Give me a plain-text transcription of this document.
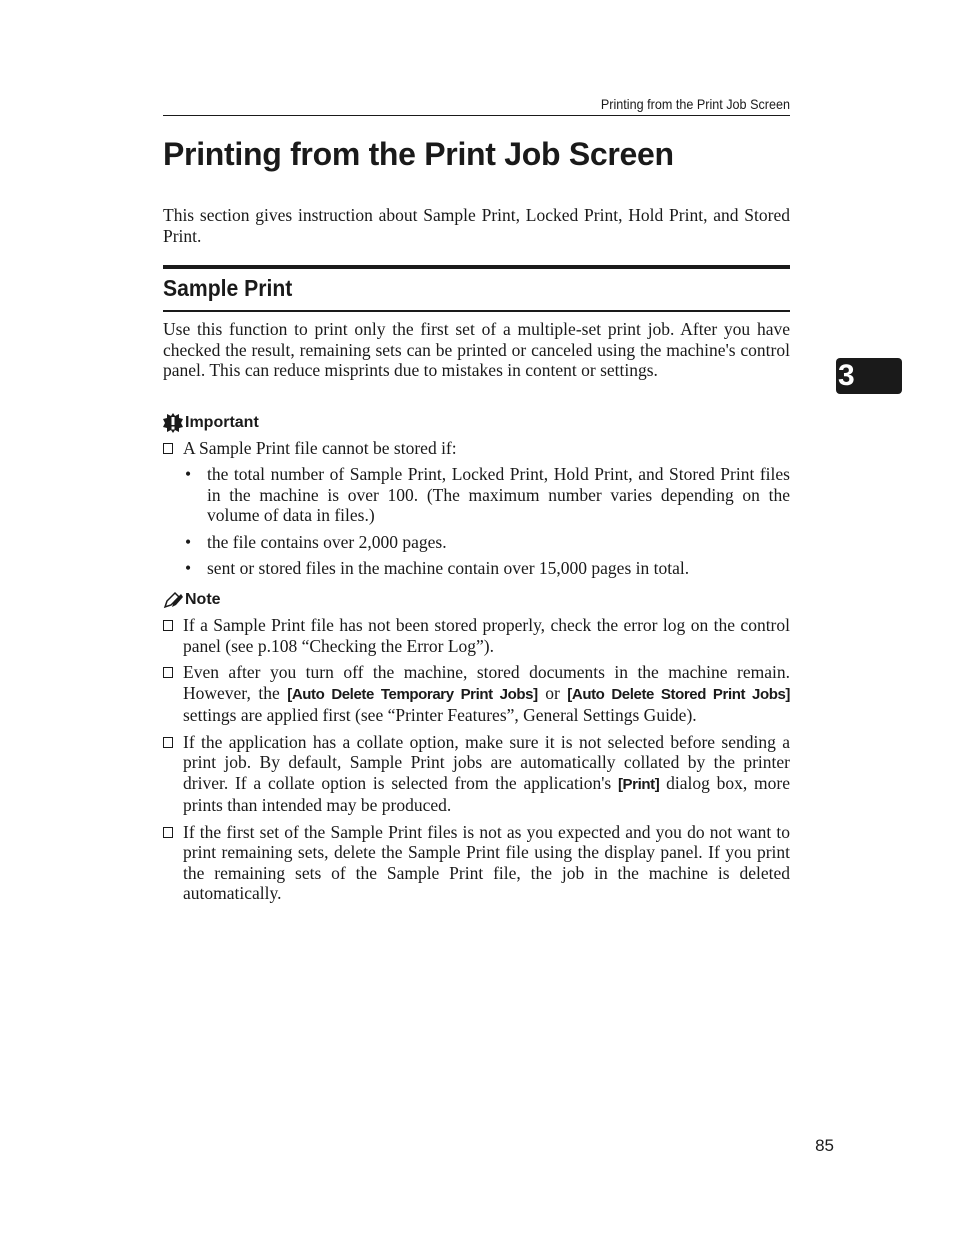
Printing from the Print Job Screen
Printing from the Print Job Screen

This section gives instruction about Sample Print, Locked Print, Hold Print, and Stored Print.

Sample Print

Use this function to print only the first set of a multiple-set print job. After you have checked the result, remaining sets can be printed or canceled using the machine's control panel. This can reduce misprints due to mistakes in content or settings.

Important
A Sample Print file cannot be stored if:
• the total number of Sample Print, Locked Print, Hold Print, and Stored Print files in the machine is over 100. (The maximum number varies depending on the volume of data in files.)
• the file contains over 2,000 pages.
• sent or stored files in the machine contain over 15,000 pages in total.
Note
If a Sample Print file has not been stored properly, check the error log on the control panel (see p.108 “Checking the Error Log”).
Even after you turn off the machine, stored documents in the machine remain. However, the [Auto Delete Temporary Print Jobs] or [Auto Delete Stored Print Jobs] settings are applied first (see “Printer Features”, General Settings Guide).
If the application has a collate option, make sure it is not selected before sending a print job. By default, Sample Print jobs are automatically collated by the printer driver. If a collate option is selected from the application's [Print] dialog box, more prints than intended may be produced.
If the first set of the Sample Print files is not as you expected and you do not want to print remaining sets, delete the Sample Print file using the display panel. If you print the remaining sets of the Sample Print file, the job in the machine is deleted automatically.
3
85
